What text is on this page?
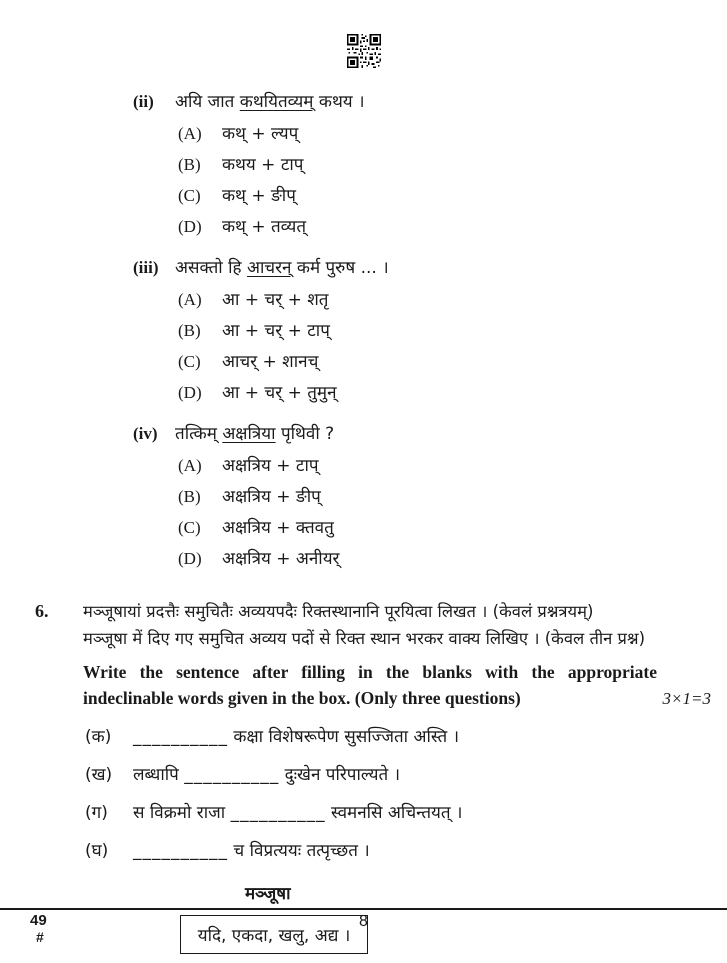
(ii)	अयि जात कथयितव्यम् कथय ।
(A)	कथ् + ल्यप्
(B)	कथय + टाप्
(C)	कथ् + ङीप्
(D)	कथ् + तव्यत्
(iii) असक्तो हि आचरन् कर्म पुरुष ... ।
(A)	आ + चर् + शतृ
(B)	आ + चर् + टाप्
(C)	आचर् + शानच्
(D)	आ + चर् + तुमुन्
(iv)	तत्किम् अक्षत्रिया पृथिवी ?
(A)	अक्षत्रिय + टाप्
(B)	अक्षत्रिय + ङीप्
(C)	अक्षत्रिय + क्तवतु
(D)	अक्षत्रिय + अनीयर्
6.	मञ्जूषायां प्रदत्तैः समुचितैः अव्ययपदैः रिक्तस्थानानि पूरयित्वा लिखत । (केवलं प्रश्नत्रयम्)
मञ्जूषा में दिए गए समुचित अव्यय पदों से रिक्त स्थान भरकर वाक्य लिखिए । (केवल तीन प्रश्न)
Write the sentence after filling in the blanks with the appropriate indeclinable words given in the box. (Only three questions)	3×1=3
(क)	__________ कक्षा विशेषरूपेण सुसज्जिता अस्ति ।
(ख)	लब्धापि __________ दुःखेन परिपाल्यते ।
(ग)	स विक्रमो राजा __________ स्वमनसि अचिन्तयत् ।
(घ)	__________ च विप्रत्ययः तत्पृच्छत ।
मञ्जूषा
यदि, एकदा, खलु, अद्य ।
49
#
8
